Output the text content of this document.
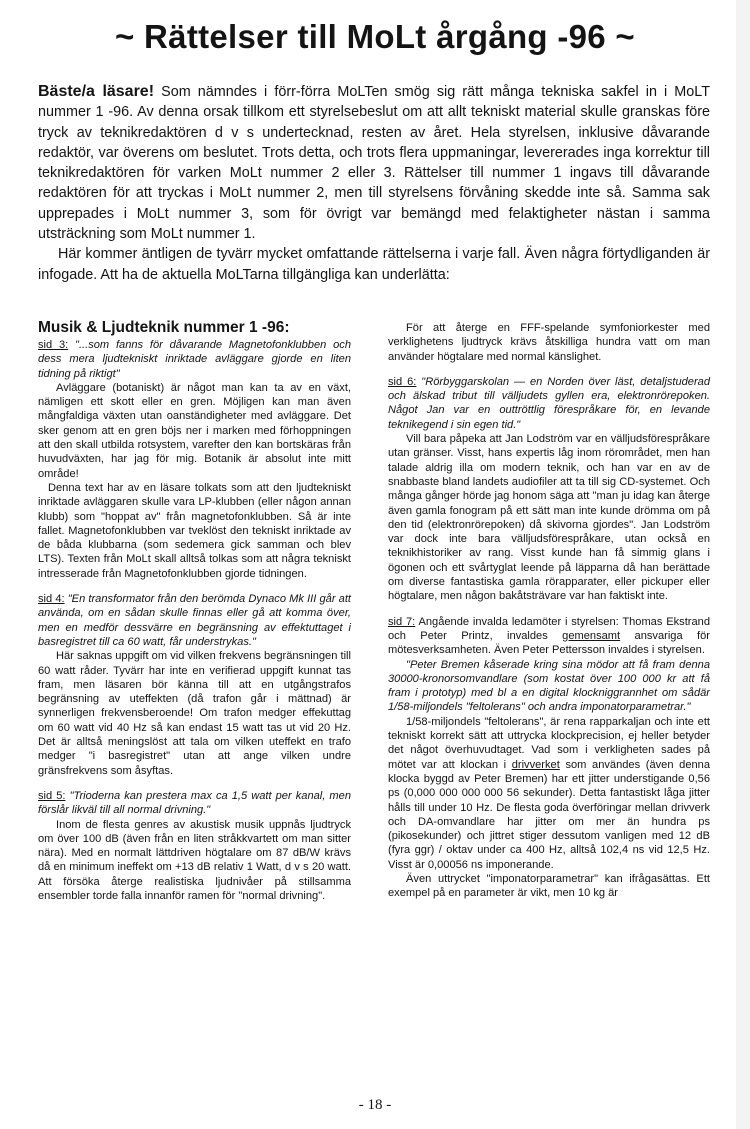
~ Rättelser till MoLt årgång -96 ~

Bäste/a läsare! Som nämndes i förr-förra MoLTen smög sig rätt många tekniska sakfel in i MoLT nummer 1 -96. Av denna orsak tillkom ett styrelsebeslut om att allt tekniskt material skulle granskas före tryck av teknikredaktören d v s undertecknad, resten av året. Hela styrelsen, inklusive dåvarande redaktör, var överens om beslutet. Trots detta, och trots flera uppmaningar, levererades inga korrektur till teknikredaktören för varken MoLt nummer 2 eller 3. Rättelser till nummer 1 ingavs till dåvarande redaktören för att tryckas i MoLt nummer 2, men till styrelsens förvåning skedde inte så. Samma sak upprepades i MoLt nummer 3, som för övrigt var bemängd med felaktigheter nästan i samma utsträckning som MoLt nummer 1.

Här kommer äntligen de tyvärr mycket omfattande rättelserna i varje fall. Även några förtydliganden är infogade. Att ha de aktuella MoLTarna tillgängliga kan underlätta:

Musik & Ljudteknik nummer 1 -96:

sid 3: "...som fanns för dåvarande Magnetofonklubben och dess mera ljudtekniskt inriktade avläggare gjorde en liten tidning på riktigt"

Avläggare (botaniskt) är något man kan ta av en växt, nämligen ett skott eller en gren. Möjligen kan man även mångfaldiga växten utan oanständigheter med avläggare. Det sker genom att en gren böjs ner i marken med förhoppningen att den skall utbilda rotsystem, varefter den kan bortskäras från huvudväxten, har jag för mig. Botanik är absolut inte mitt område!

Denna text har av en läsare tolkats som att den ljudtekniskt inriktade avläggaren skulle vara LP-klubben (eller någon annan klubb) som "hoppat av" från magnetofonklubben. Så är inte fallet. Magnetofonklubben var tveklöst den tekniskt inriktade av de båda klubbarna (som sedemera gick samman och blev LTS). Texten från MoLt skall alltså tolkas som att några tekniskt intresserade från Magnetofonklubben gjorde tidningen.

sid 4: "En transformator från den berömda Dynaco Mk III går att använda, om en sådan skulle finnas eller gå att komma över, men en medför dessvärre en begränsning av effektuttaget i basregistret till ca 60 watt, får understrykas."

Här saknas uppgift om vid vilken frekvens begränsningen till 60 watt råder. Tyvärr har inte en verifierad uppgift kunnat tas fram, men läsaren bör känna till att en utgångstrafos begränsning av uteffekten (då trafon går i mättnad) är synnerligen frekvensberoende! Om trafon medger effekuttag om 60 watt vid 40 Hz så kan endast 15 watt tas ut vid 20 Hz. Det är alltså meningslöst att tala om vilken uteffekt en trafo medger "i basregistret" utan att ange vilken undre gränsfrekvens som åsyftas.

sid 5: "Trioderna kan prestera max ca 1,5 watt per kanal, men förslår likväl till all normal drivning."

Inom de flesta genres av akustisk musik uppnås ljudtryck om över 100 dB (även från en liten stråkkvartett om man sitter nära). Med en normalt lättdriven högtalare om 87 dB/W krävs då en minimum ineffekt om +13 dB relativ 1 Watt, d v s 20 watt. Att försöka återge realistiska ljudnivåer på stillsamma ensembler torde falla innanför ramen för "normal drivning".

För att återge en FFF-spelande symfoniorkester med verklighetens ljudtryck krävs åtskilliga hundra vatt om man använder högtalare med normal känslighet.

sid 6: "Rörbyggarskolan — en Norden över läst, detaljstuderad och älskad tribut till välljudets gyllen era, elektronrörepoken. Något Jan var en outtröttlig förespråkare för, en levande teknikegend i sin egen tid."

Vill bara påpeka att Jan Lodström var en välljudsförespråkare utan gränser. Visst, hans expertis låg inom rörområdet, men han talade aldrig illa om modern teknik, och han var en av de snabbaste bland landets audiofiler att ta till sig CD-systemet. Och många gånger hörde jag honom säga att "man ju idag kan återge även gamla fonogram på ett sätt man inte kunde drömma om på den tid (elektronrörepoken) då skivorna gjordes". Jan Lodström var dock inte bara välljudsförespråkare, utan också en teknikhistoriker av rang. Visst kunde han få simmig glans i ögonen och ett svårtyglat leende på läpparna då han berättade om diverse fantastiska gamla rörapparater, eller pickuper eller högtalare, men någon bakåtsträvare var han faktiskt inte.

sid 7: Angående invalda ledamöter i styrelsen: Thomas Ekstrand och Peter Printz, invaldes gemensamt ansvariga för mötesverksamheten. Även Peter Pettersson invaldes i styrelsen.

"Peter Bremen kåserade kring sina mödor att få fram denna 30000-kronorsomvandlare (som kostat över 100 000 kr att få fram i prototyp) med bl a en digital klockniggrannhet om sådär 1/58-miljondels "feltolerans" och andra imponatorparametrar."

1/58-miljondels "feltolerans", är rena rapparkaljan och inte ett tekniskt korrekt sätt att uttrycka klockprecision, ej heller betyder det något överhuvudtaget. Vad som i verkligheten sades på mötet var att klockan i drivverket som användes (även denna klocka byggd av Peter Bremen) har ett jitter understigande 0,56 ps (0,000 000 000 000 56 sekunder). Detta fantastiskt låga jitter hålls till under 10 Hz. De flesta goda överföringar mellan drivverk och DA-omvandlare har jitter om mer än hundra ps (pikosekunder) och jittret stiger dessutom vanligen med 12 dB (fyra ggr) / oktav under ca 400 Hz, alltså 102,4 ns vid 12,5 Hz. Visst är 0,00056 ns imponerande.

Även uttrycket "imponatorparametrar" kan ifrågasättas. Ett exempel på en parameter är vikt, men 10 kg är

- 18 -
